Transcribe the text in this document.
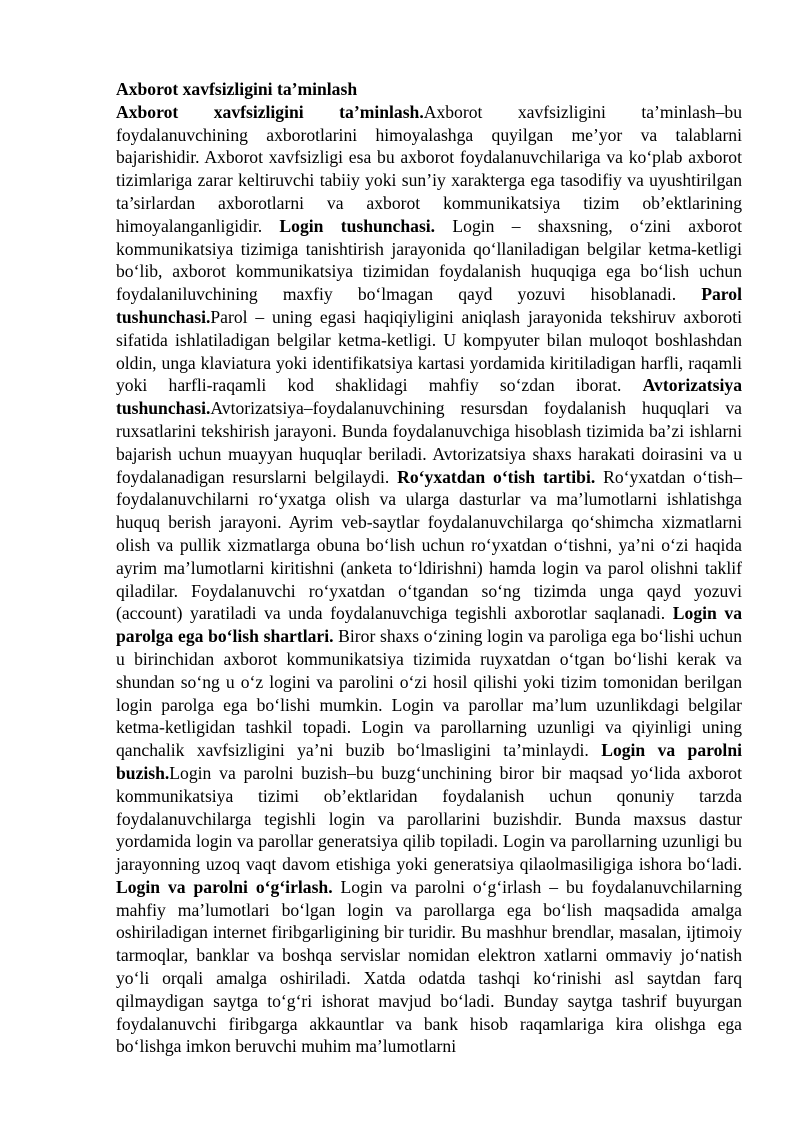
Axborot xavfsizligini ta’minlash

Axborot xavfsizligini ta’minlash.Axborot xavfsizligini ta’minlash–bu foydalanuvchining axborotlarini himoyalashga quyilgan me’yor va talablarni bajarishidir. Axborot xavfsizligi esa bu axborot foydalanuvchilariga va ko‘plab axborot tizimlariga zarar keltiruvchi tabiiy yoki sun’iy xarakterga ega tasodifiy va uyushtirilgan ta’sirlardan axborotlarni va axborot kommunikatsiya tizim ob’ektlarining himoyalanganligidir. Login tushunchasi. Login – shaxsning, o‘zini axborot kommunikatsiya tizimiga tanishtirish jarayonida qo‘llaniladigan belgilar ketma-ketligi bo‘lib, axborot kommunikatsiya tizimidan foydalanish huquqiga ega bo‘lish uchun foydalaniluvchining maxfiy bo‘lmagan qayd yozuvi hisoblanadi. Parol tushunchasi.Parol – uning egasi haqiqiyligini aniqlash jarayonida tekshiruv axboroti sifatida ishlatiladigan belgilar ketma-ketligi. U kompyuter bilan muloqot boshlashdan oldin, unga klaviatura yoki identifikatsiya kartasi yordamida kiritiladigan harfli, raqamli yoki harfli-raqamli kod shaklidagi mahfiy so‘zdan iborat. Avtorizatsiya tushunchasi.Avtorizatsiya–foydalanuvchining resursdan foydalanish huquqlari va ruxsatlarini tekshirish jarayoni. Bunda foydalanuvchiga hisoblash tizimida ba’zi ishlarni bajarish uchun muayyan huquqlar beriladi. Avtorizatsiya shaxs harakati doirasini va u foydalanadigan resurslarni belgilaydi. Ro‘yxatdan o‘tish tartibi. Ro‘yxatdan o‘tish– foydalanuvchilarni ro‘yxatga olish va ularga dasturlar va ma’lumotlarni ishlatishga huquq berish jarayoni. Ayrim veb-saytlar foydalanuvchilarga qo‘shimcha xizmatlarni olish va pullik xizmatlarga obuna bo‘lish uchun ro‘yxatdan o‘tishni, ya’ni o‘zi haqida ayrim ma’lumotlarni kiritishni (anketa to‘ldirishni) hamda login va parol olishni taklif qiladilar. Foydalanuvchi ro‘yxatdan o‘tgandan so‘ng tizimda unga qayd yozuvi (account) yaratiladi va unda foydalanuvchiga tegishli axborotlar saqlanadi. Login va parolga ega bo‘lish shartlari. Biror shaxs o‘zining login va paroliga ega bo‘lishi uchun u birinchidan axborot kommunikatsiya tizimida ruyxatdan o‘tgan bo‘lishi kerak va shundan so‘ng u o‘z logini va parolini o‘zi hosil qilishi yoki tizim tomonidan berilgan login parolga ega bo‘lishi mumkin. Login va parollar ma’lum uzunlikdagi belgilar ketma-ketligidan tashkil topadi. Login va parollarning uzunligi va qiyinligi uning qanchalik xavfsizligini ya’ni buzib bo‘lmasligini ta’minlaydi. Login va parolni buzish.Login va parolni buzish–bu buzg‘unchining biror bir maqsad yo‘lida axborot kommunikatsiya tizimi ob’ektlaridan foydalanish uchun qonuniy tarzda foydalanuvchilarga tegishli login va parollarini buzishdir. Bunda maxsus dastur yordamida login va parollar generatsiya qilib topiladi. Login va parollarning uzunligi bu jarayonning uzoq vaqt davom etishiga yoki generatsiya qilaolmasiligiga ishora bo‘ladi. Login va parolni o‘g‘irlash. Login va parolni o‘g‘irlash – bu foydalanuvchilarning mahfiy ma’lumotlari bo‘lgan login va parollarga ega bo‘lish maqsadida amalga oshiriladigan internet firibgarligining bir turidir. Bu mashhur brendlar, masalan, ijtimoiy tarmoqlar, banklar va boshqa servislar nomidan elektron xatlarni ommaviy jo‘natish yo‘li orqali amalga oshiriladi. Xatda odatda tashqi ko‘rinishi asl saytdan farq qilmaydigan saytga to‘g‘ri ishorat mavjud bo‘ladi. Bunday saytga tashrif buyurgan foydalanuvchi firibgarga akkauntlar va bank hisob raqamlariga kira olishga ega bo‘lishga imkon beruvchi muhim ma’lumotlarni
